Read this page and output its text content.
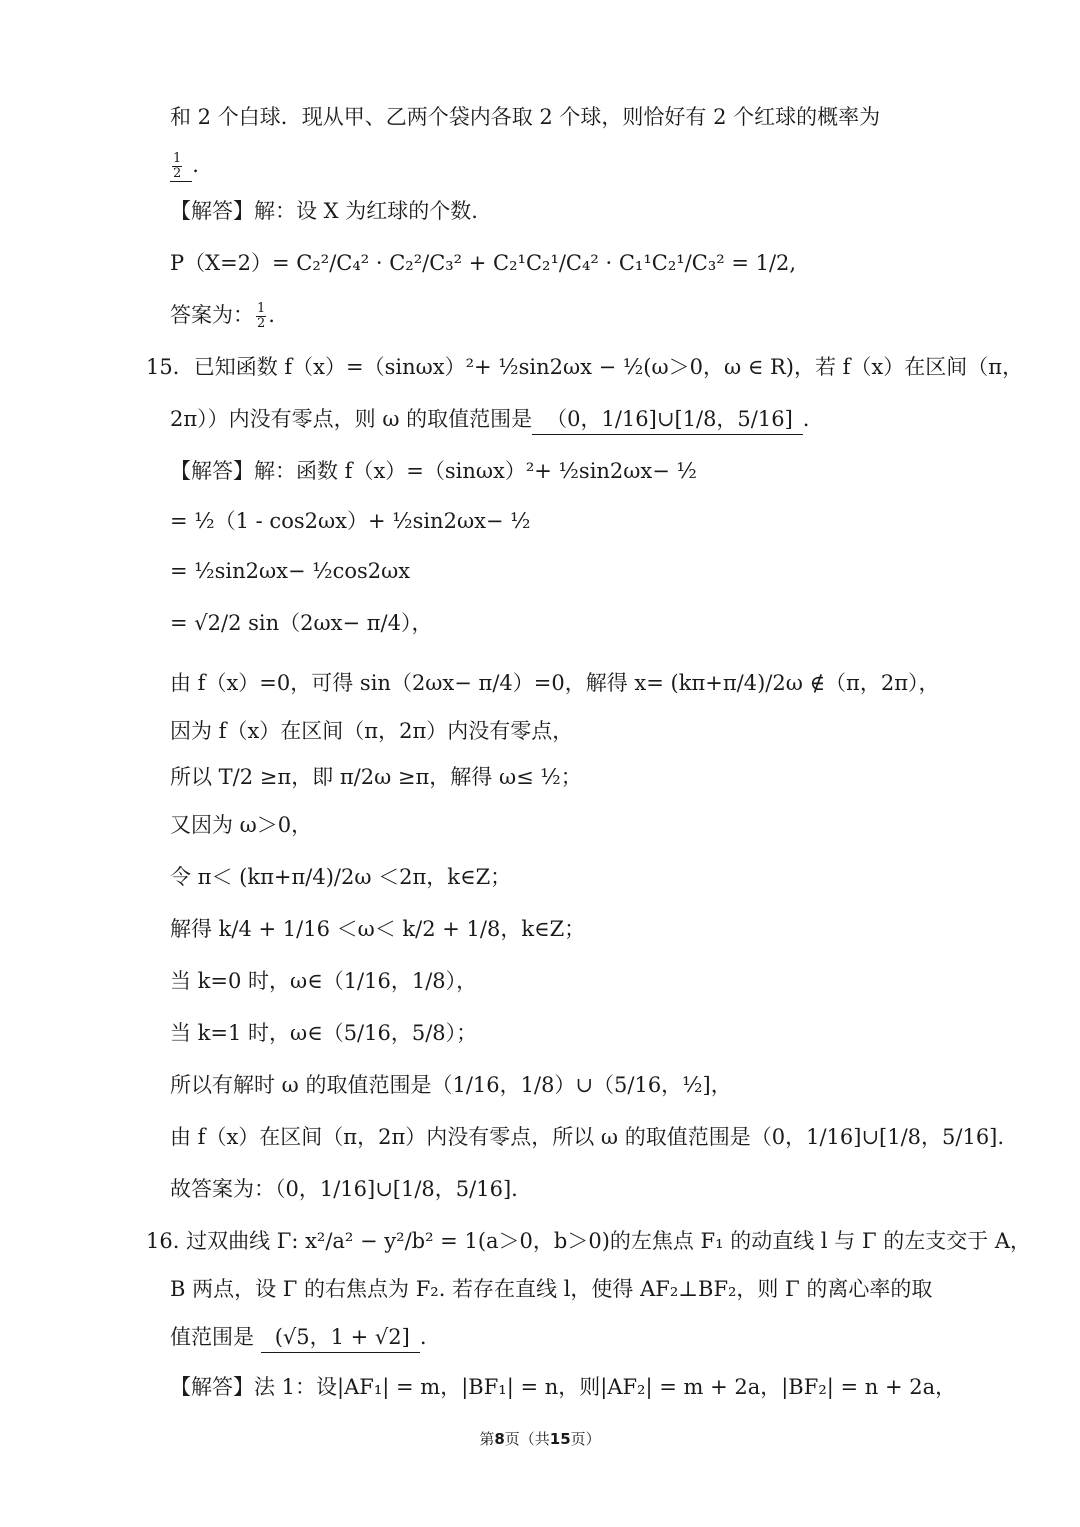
和 2 个白球．现从甲、乙两个袋内各取 2 个球，则恰好有 2 个红球的概率为
$\frac{1}{2}$ .
【解答】解：设 X 为红球的个数.
P（X=2）= C₂²/C₄² · C₂²/C₃² + C₂¹C₂¹/C₄² · C₁¹C₂¹/C₃² = 1/2,
答案为： $\frac{1}{2}$ .
15．已知函数 f（x）=（sinωx）²+ ½sin2ωx − ½(ω＞0，ω ∈ R)，若 f（x）在区间（π，
2π））内没有零点，则 ω 的取值范围是 （0，1/16]∪[1/8，5/16] .
【解答】解：函数 f（x）=（sinωx）²+ ½sin2ωx− ½
= ½（1 - cos2ωx）+ ½sin2ωx− ½
= ½sin2ωx− ½cos2ωx
= √2/2 sin（2ωx− π/4），
由 f（x）=0，可得 sin（2ωx− π/4）=0，解得 x= (kπ+π/4)/2ω ∉（π，2π），
因为 f（x）在区间（π，2π）内没有零点，
所以 T/2 ≥π，即 π/2ω ≥π，解得 ω≤ ½；
又因为 ω＞0，
令 π＜ (kπ+π/4)/2ω ＜2π，k∈Z；
解得 k/4 + 1/16 ＜ω＜ k/2 + 1/8，k∈Z；
当 k=0 时，ω∈（1/16，1/8），
当 k=1 时，ω∈（5/16，5/8）；
所以有解时 ω 的取值范围是（1/16，1/8）∪（5/16，½]，
由 f（x）在区间（π，2π）内没有零点，所以 ω 的取值范围是（0，1/16]∪[1/8，5/16].
故答案为：（0，1/16]∪[1/8，5/16].
16. 过双曲线 Γ: x²/a² − y²/b² = 1(a＞0，b＞0)的左焦点 F₁ 的动直线 l 与 Γ 的左支交于 A，
B 两点，设 Γ 的右焦点为 F₂. 若存在直线 l，使得 AF₂⊥BF₂，则 Γ 的离心率的取
值范围是 (√5，1 + √2] .
【解答】法 1：设|AF₁| = m，|BF₁| = n，则|AF₂| = m + 2a，|BF₂| = n + 2a，
第8页（共15页）
